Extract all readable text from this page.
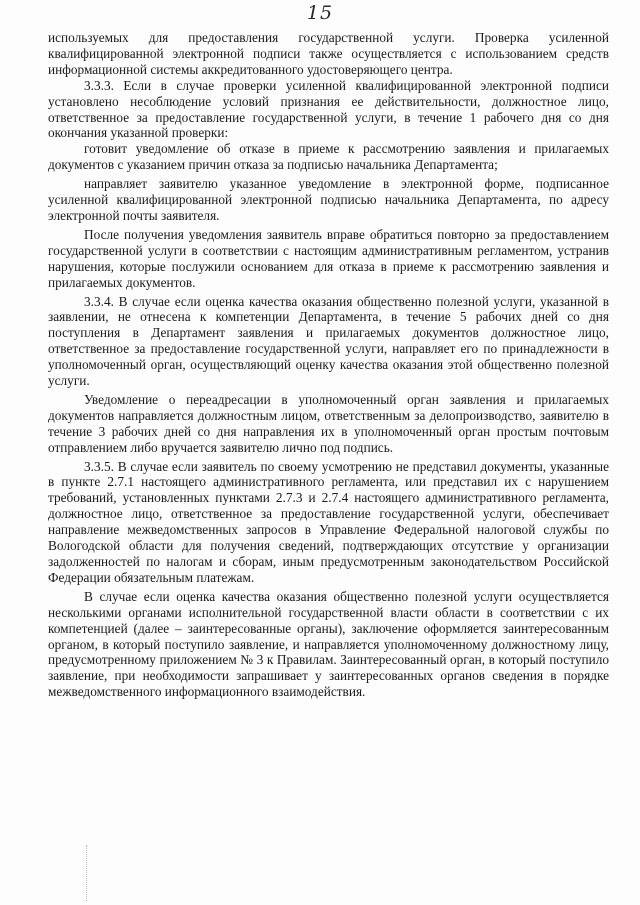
15

используемых для предоставления государственной услуги. Проверка усиленной квалифицированной электронной подписи также осуществляется с использованием средств информационной системы аккредитованного удостоверяющего центра.

3.3.3. Если в случае проверки усиленной квалифицированной электронной подписи установлено несоблюдение условий признания ее действительности, должностное лицо, ответственное за предоставление государственной услуги, в течение 1 рабочего дня со дня окончания указанной проверки:

готовит уведомление об отказе в приеме к рассмотрению заявления и прилагаемых документов с указанием причин отказа за подписью начальника Департамента;

направляет заявителю указанное уведомление в электронной форме, подписанное усиленной квалифицированной электронной подписью начальника Департамента, по адресу электронной почты заявителя.

После получения уведомления заявитель вправе обратиться повторно за предоставлением государственной услуги в соответствии с настоящим административным регламентом, устранив нарушения, которые послужили основанием для отказа в приеме к рассмотрению заявления и прилагаемых документов.

3.3.4. В случае если оценка качества оказания общественно полезной услуги, указанной в заявлении, не отнесена к компетенции Департамента, в течение 5 рабочих дней со дня поступления в Департамент заявления и прилагаемых документов должностное лицо, ответственное за предоставление государственной услуги, направляет его по принадлежности в уполномоченный орган, осуществляющий оценку качества оказания этой общественно полезной услуги.

Уведомление о переадресации в уполномоченный орган заявления и прилагаемых документов направляется должностным лицом, ответственным за делопроизводство, заявителю в течение 3 рабочих дней со дня направления их в уполномоченный орган простым почтовым отправлением либо вручается заявителю лично под подпись.

3.3.5. В случае если заявитель по своему усмотрению не представил документы, указанные в пункте 2.7.1 настоящего административного регламента, или представил их с нарушением требований, установленных пунктами 2.7.3 и 2.7.4 настоящего административного регламента, должностное лицо, ответственное за предоставление государственной услуги, обеспечивает направление межведомственных запросов в Управление Федеральной налоговой службы по Вологодской области для получения сведений, подтверждающих отсутствие у организации задолженностей по налогам и сборам, иным предусмотренным законодательством Российской Федерации обязательным платежам.

В случае если оценка качества оказания общественно полезной услуги осуществляется несколькими органами исполнительной государственной власти области в соответствии с их компетенцией (далее – заинтересованные органы), заключение оформляется заинтересованным органом, в который поступило заявление, и направляется уполномоченному должностному лицу, предусмотренному приложением № 3 к Правилам. Заинтересованный орган, в который поступило заявление, при необходимости запрашивает у заинтересованных органов сведения в порядке межведомственного информационного взаимодействия.
